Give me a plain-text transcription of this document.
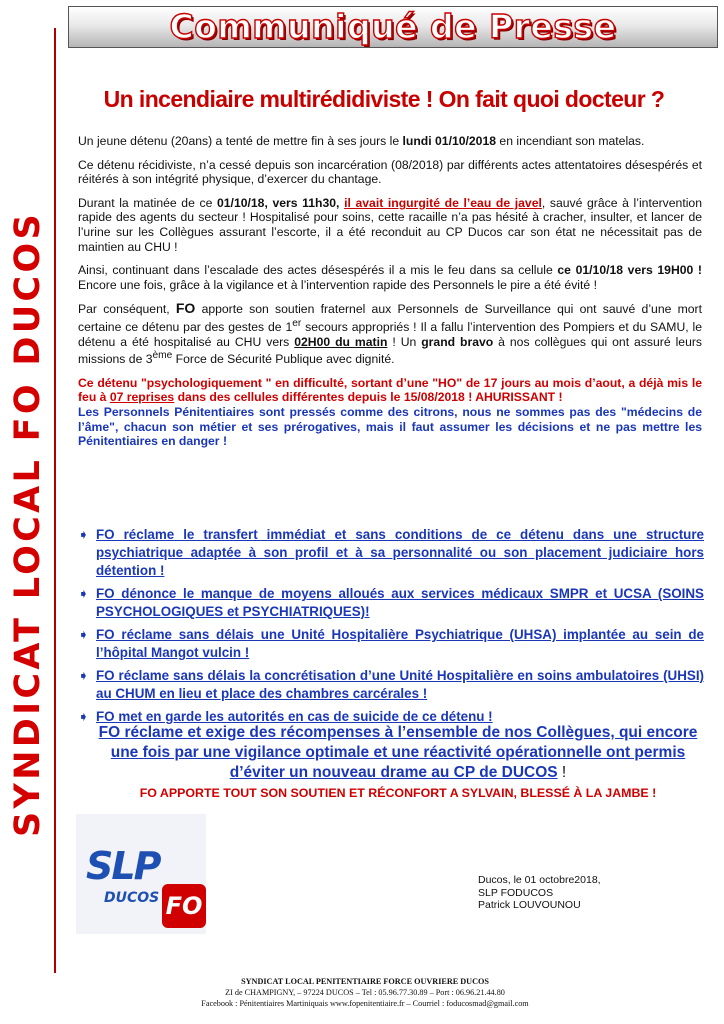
Communiqué de Presse
SYNDICAT LOCAL FO DUCOS
Un incendiaire multirédidiviste ! On fait quoi docteur ?

Un jeune détenu (20ans) a tenté de mettre fin à ses jours le lundi 01/10/2018 en incendiant son matelas.

Ce détenu récidiviste, n’a cessé depuis son incarcération (08/2018) par différents actes attentatoires désespérés et réitérés à son intégrité physique, d’exercer du chantage.

Durant la matinée de ce 01/10/18, vers 11h30, il avait ingurgité de l’eau de javel, sauvé grâce à l’intervention rapide des agents du secteur ! Hospitalisé pour soins, cette racaille n’a pas hésité à cracher, insulter, et lancer de l’urine sur les Collègues assurant l’escorte, il a été reconduit au CP Ducos car son état ne nécessitait pas de maintien au CHU !

Ainsi, continuant dans l’escalade des actes désespérés il a mis le feu dans sa cellule ce 01/10/18 vers 19H00 ! Encore une fois, grâce à la vigilance et à l’intervention rapide des Personnels le pire a été évité !

Par conséquent, FO apporte son soutien fraternel aux Personnels de Surveillance qui ont sauvé d’une mort certaine ce détenu par des gestes de 1er secours appropriés ! Il a fallu l’intervention des Pompiers et du SAMU, le détenu a été hospitalisé au CHU vers 02H00 du matin ! Un grand bravo à nos collègues qui ont assuré leurs missions de 3ème Force de Sécurité Publique avec dignité.

Ce détenu "psychologiquement " en difficulté, sortant d’une "HO" de 17 jours au mois d’aout, a déjà mis le feu à 07 reprises dans des cellules différentes depuis le 15/08/2018 ! AHURISSANT !

Les Personnels Pénitentiaires sont pressés comme des citrons, nous ne sommes pas des "médecins de l’âme", chacun son métier et ses prérogatives, mais il faut assumer les décisions et ne pas mettre les Pénitentiaires en danger !

➧ FO réclame le transfert immédiat et sans conditions de ce détenu dans une structure psychiatrique adaptée à son profil et à sa personnalité ou son placement judiciaire hors détention !
➧ FO dénonce le manque de moyens alloués aux services médicaux SMPR et UCSA (SOINS PSYCHOLOGIQUES et PSYCHIATRIQUES)!
➧ FO réclame sans délais une Unité Hospitalière Psychiatrique (UHSA) implantée au sein de l’hôpital Mangot vulcin !
➧ FO réclame sans délais la concrétisation d’une Unité Hospitalière en soins ambulatoires (UHSI) au CHUM en lieu et place des chambres carcérales !
➧ FO met en garde les autorités en cas de suicide de ce détenu !
FO réclame et exige des récompenses à l’ensemble de nos Collègues, qui encore une fois par une vigilance optimale et une réactivité opérationnelle ont permis d’éviter un nouveau drame au CP de DUCOS !
FO APPORTE TOUT SON SOUTIEN ET RÉCONFORT A SYLVAIN, BLESSÉ À LA JAMBE !
SLP
DUCOS FO
Ducos, le 01 octobre2018,
SLP FODUCOS
Patrick LOUVOUNOU
SYNDICAT LOCAL PENITENTIAIRE FORCE OUVRIERE DUCOS
ZI de CHAMPIGNY, – 97224 DUCOS – Tel : 05.96.77.30.89 – Port : 06.96.21.44.80
Facebook : Pénitentiaires Martiniquais www.fopenitentiaire.fr – Courriel : foducosmad@gmail.com
